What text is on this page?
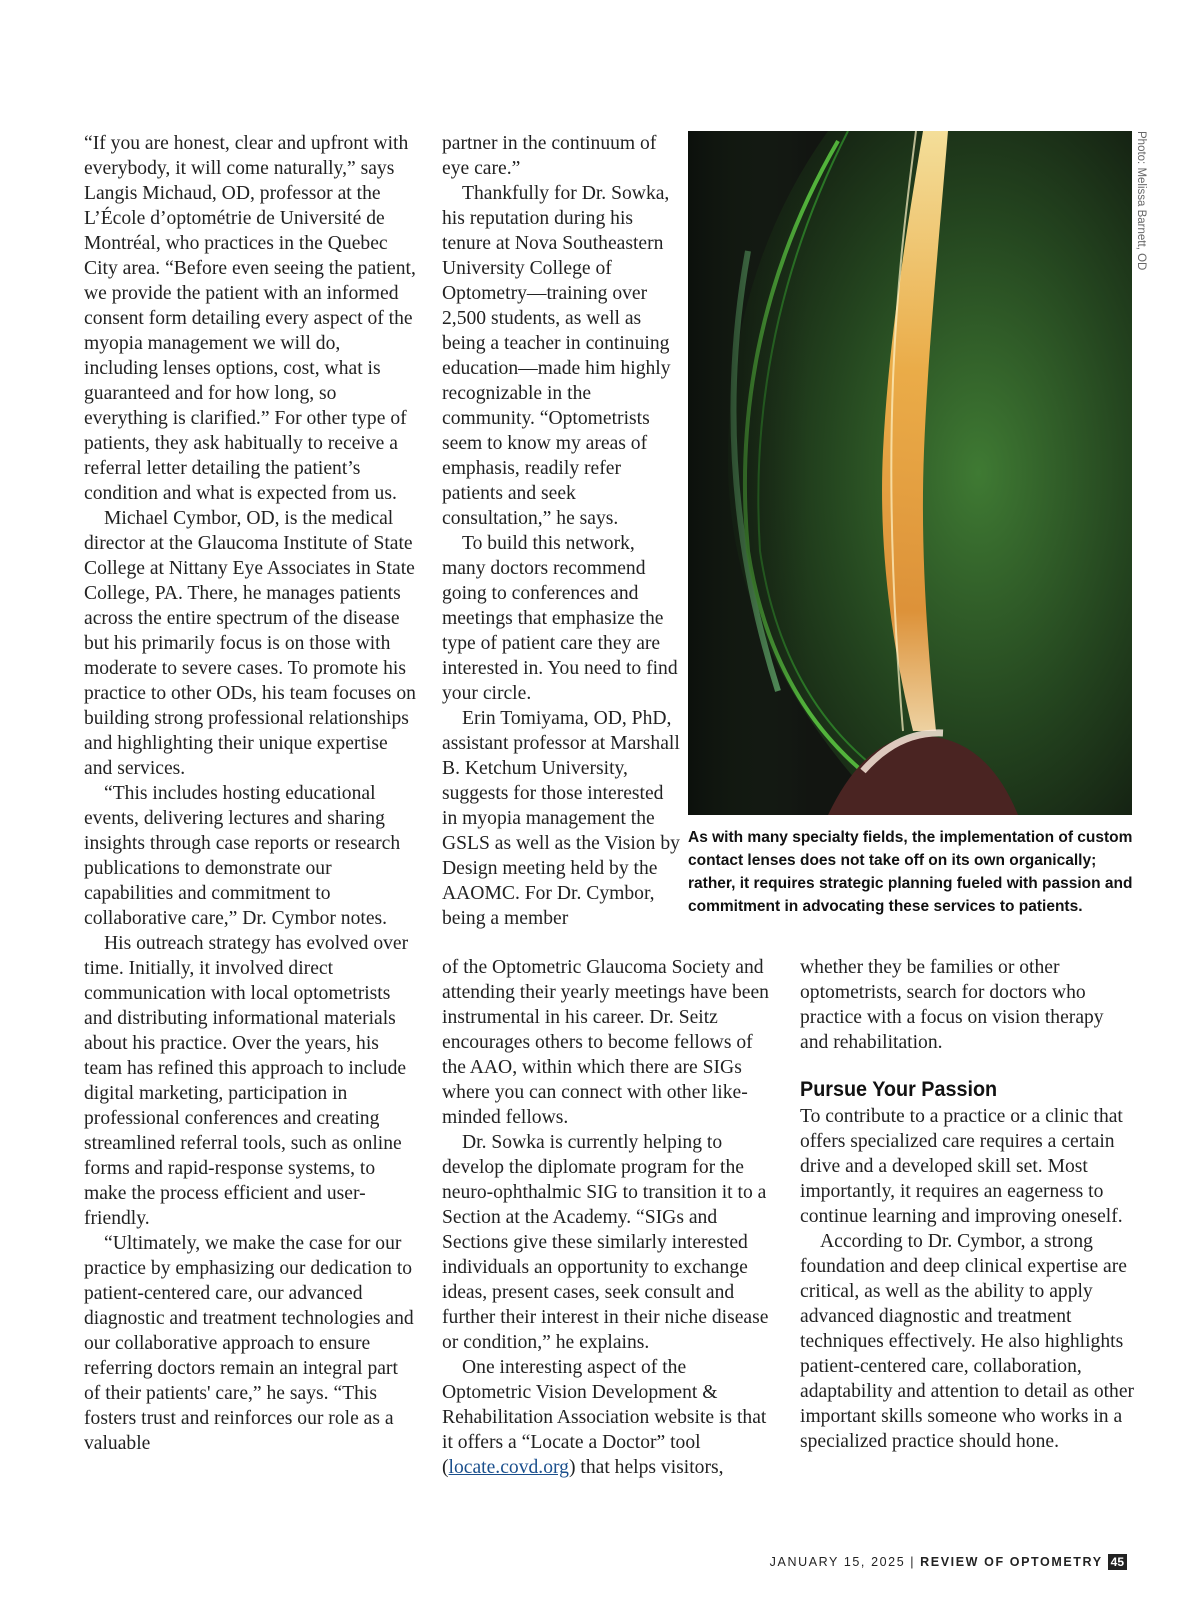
“If you are honest, clear and upfront with everybody, it will come naturally,” says Langis Michaud, OD, professor at the L’École d’optométrie de Université de Montréal, who practices in the Quebec City area. “Before even seeing the patient, we provide the patient with an informed consent form detailing every aspect of the myopia management we will do, including lenses options, cost, what is guaranteed and for how long, so everything is clarified.” For other type of patients, they ask habitually to receive a referral letter detailing the patient’s condition and what is expected from us.

Michael Cymbor, OD, is the medical director at the Glaucoma Institute of State College at Nittany Eye Associates in State College, PA. There, he manages patients across the entire spectrum of the disease but his primarily focus is on those with moderate to severe cases. To promote his practice to other ODs, his team focuses on building strong professional relationships and highlighting their unique expertise and services.

“This includes hosting educational events, delivering lectures and sharing insights through case reports or research publications to demonstrate our capabilities and commitment to collaborative care,” Dr. Cymbor notes.

His outreach strategy has evolved over time. Initially, it involved direct communication with local optometrists and distributing informational materials about his practice. Over the years, his team has refined this approach to include digital marketing, participation in professional conferences and creating streamlined referral tools, such as online forms and rapid-response systems, to make the process efficient and user-friendly.

“Ultimately, we make the case for our practice by emphasizing our dedication to patient-centered care, our advanced diagnostic and treatment technologies and our collaborative approach to ensure referring doctors remain an integral part of their patients' care,” he says. “This fosters trust and reinforces our role as a valuable

partner in the continuum of eye care.”

Thankfully for Dr. Sowka, his reputation during his tenure at Nova Southeastern University College of Optometry—training over 2,500 students, as well as being a teacher in continuing education—made him highly recognizable in the community. “Optometrists seem to know my areas of emphasis, readily refer patients and seek consultation,” he says.

To build this network, many doctors recommend going to conferences and meetings that emphasize the type of patient care they are interested in. You need to find your circle.

Erin Tomiyama, OD, PhD, assistant professor at Marshall B. Ketchum University, suggests for those interested in myopia management the GSLS as well as the Vision by Design meeting held by the AAOMC. For Dr. Cymbor, being a member

Photo: Melissa Barnett, OD
As with many specialty fields, the implementation of custom contact lenses does not take off on its own organically; rather, it requires strategic planning fueled with passion and commitment in advocating these services to patients.

of the Optometric Glaucoma Society and attending their yearly meetings have been instrumental in his career. Dr. Seitz encourages others to become fellows of the AAO, within which there are SIGs where you can connect with other like-minded fellows.

Dr. Sowka is currently helping to develop the diplomate program for the neuro-ophthalmic SIG to transition it to a Section at the Academy. “SIGs and Sections give these similarly interested individuals an opportunity to exchange ideas, present cases, seek consult and further their interest in their niche disease or condition,” he explains.

One interesting aspect of the Optometric Vision Development & Rehabilitation Association website is that it offers a “Locate a Doctor” tool (locate.covd.org) that helps visitors,

whether they be families or other optometrists, search for doctors who practice with a focus on vision therapy and rehabilitation.

Pursue Your Passion

To contribute to a practice or a clinic that offers specialized care requires a certain drive and a developed skill set. Most importantly, it requires an eagerness to continue learning and improving oneself.

According to Dr. Cymbor, a strong foundation and deep clinical expertise are critical, as well as the ability to apply advanced diagnostic and treatment techniques effectively. He also highlights patient-centered care, collaboration, adaptability and attention to detail as other important skills someone who works in a specialized practice should hone.

JANUARY 15, 2025 | REVIEW OF OPTOMETRY 45
